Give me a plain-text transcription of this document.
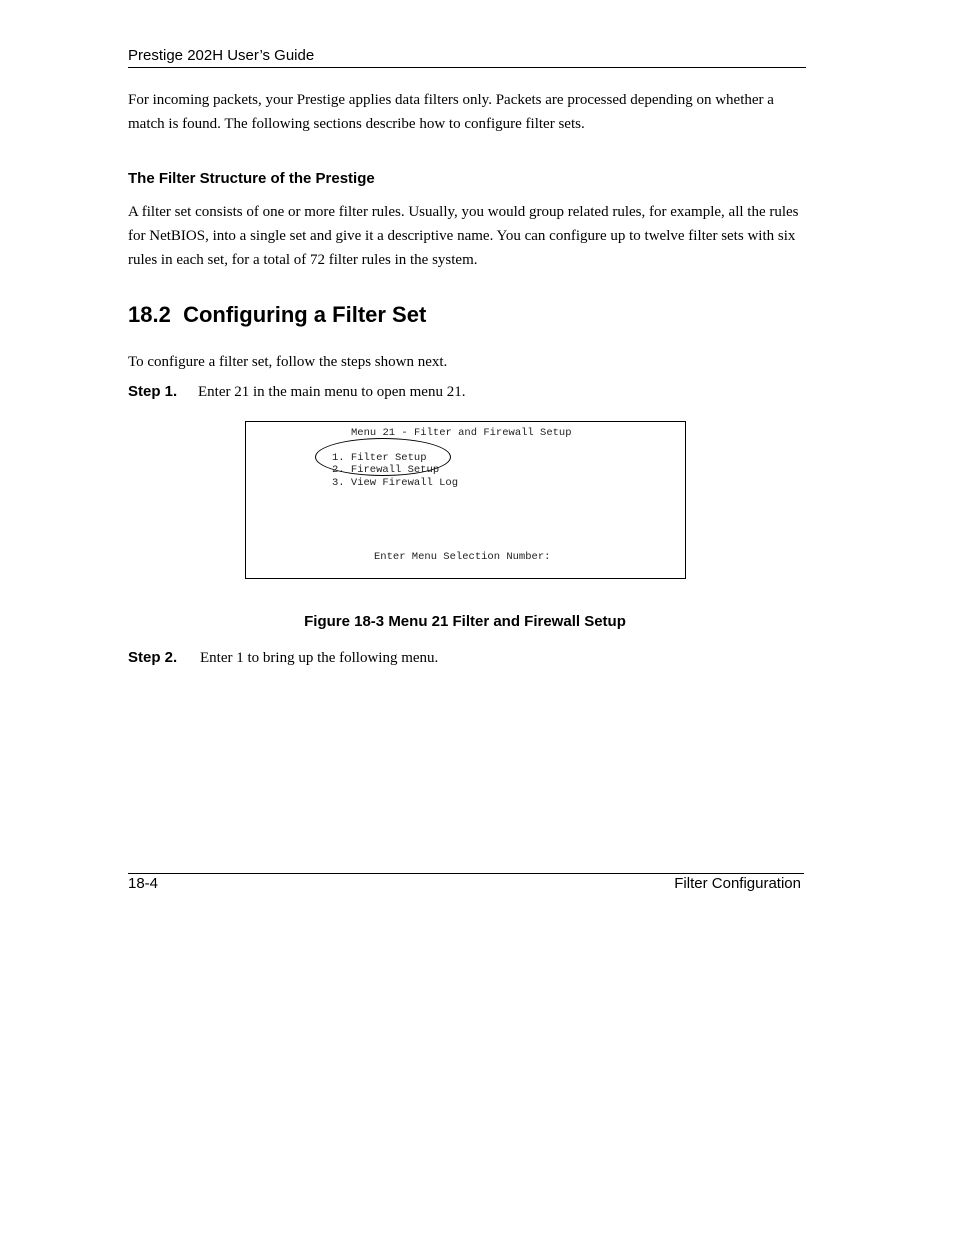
Prestige 202H User’s Guide
For incoming packets, your Prestige applies data filters only. Packets are processed depending on whether a match is found. The following sections describe how to configure filter sets.
The Filter Structure of the Prestige
A filter set consists of one or more filter rules. Usually, you would group related rules, for example, all the rules for NetBIOS, into a single set and give it a descriptive name. You can configure up to twelve filter sets with six rules in each set, for a total of 72 filter rules in the system.
18.2 Configuring a Filter Set
To configure a filter set, follow the steps shown next.
Step 1. Enter 21 in the main menu to open menu 21.
Menu 21 - Filter and Firewall Setup
1. Filter Setup
2. Firewall Setup
3. View Firewall Log
Enter Menu Selection Number:
Figure 18-3 Menu 21 Filter and Firewall Setup
Step 2. Enter 1 to bring up the following menu.
18-4	Filter Configuration
